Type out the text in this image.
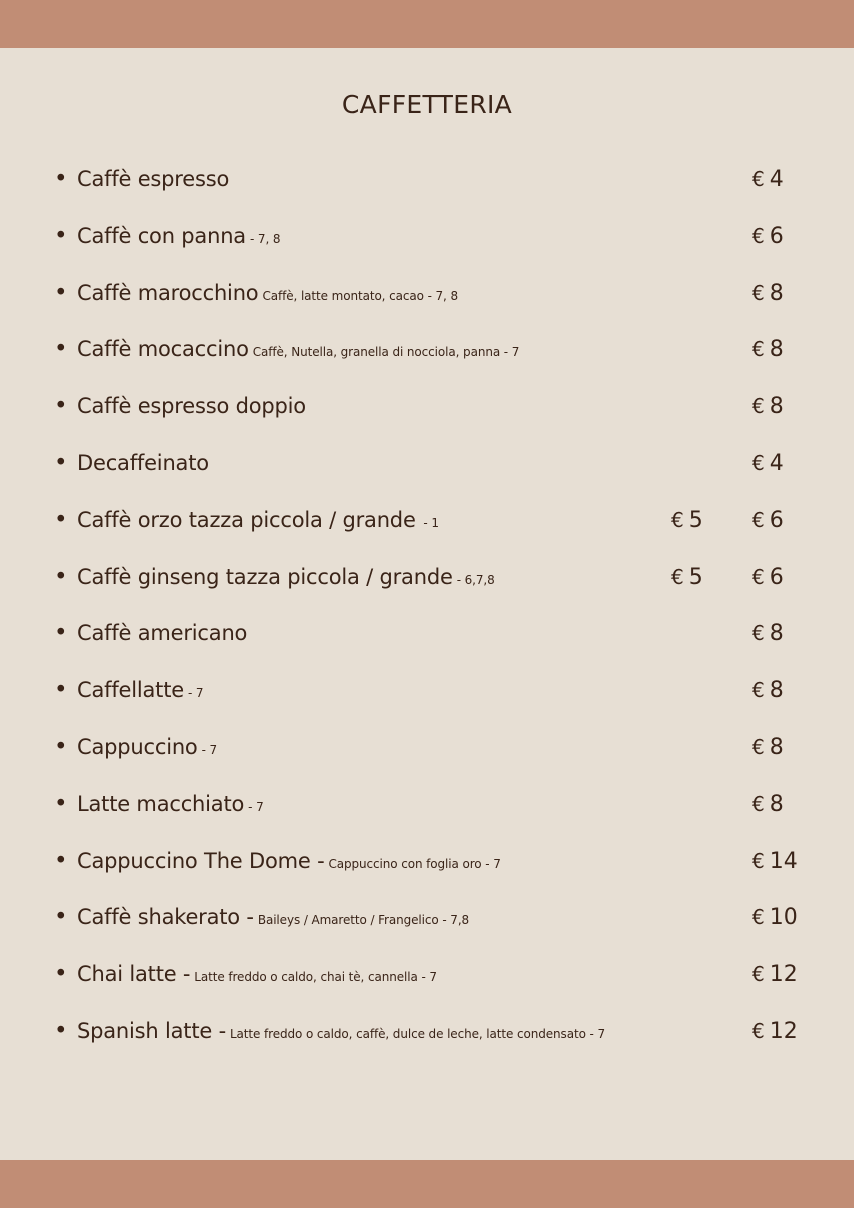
CAFFETTERIA
• Caffè espresso	€ 4
• Caffè con panna - 7, 8	€ 6
• Caffè marocchino Caffè, latte montato, cacao - 7, 8	€ 8
• Caffè mocaccino Caffè, Nutella, granella di nocciola, panna - 7	€ 8
• Caffè espresso doppio	€ 8
• Decaffeinato	€ 4
• Caffè orzo tazza piccola / grande - 1	€ 5 € 6
• Caffè ginseng tazza piccola / grande - 6,7,8	€ 5 € 6
• Caffè americano	€ 8
• Caffellatte - 7	€ 8
• Cappuccino - 7	€ 8
• Latte macchiato - 7	€ 8
• Cappuccino The Dome - Cappuccino con foglia oro - 7	€ 14
• Caffè shakerato - Baileys / Amaretto / Frangelico - 7,8	€ 10
• Chai latte - Latte freddo o caldo, chai tè, cannella - 7	€ 12
• Spanish latte - Latte freddo o caldo, caffè, dulce de leche, latte condensato - 7	€ 12
